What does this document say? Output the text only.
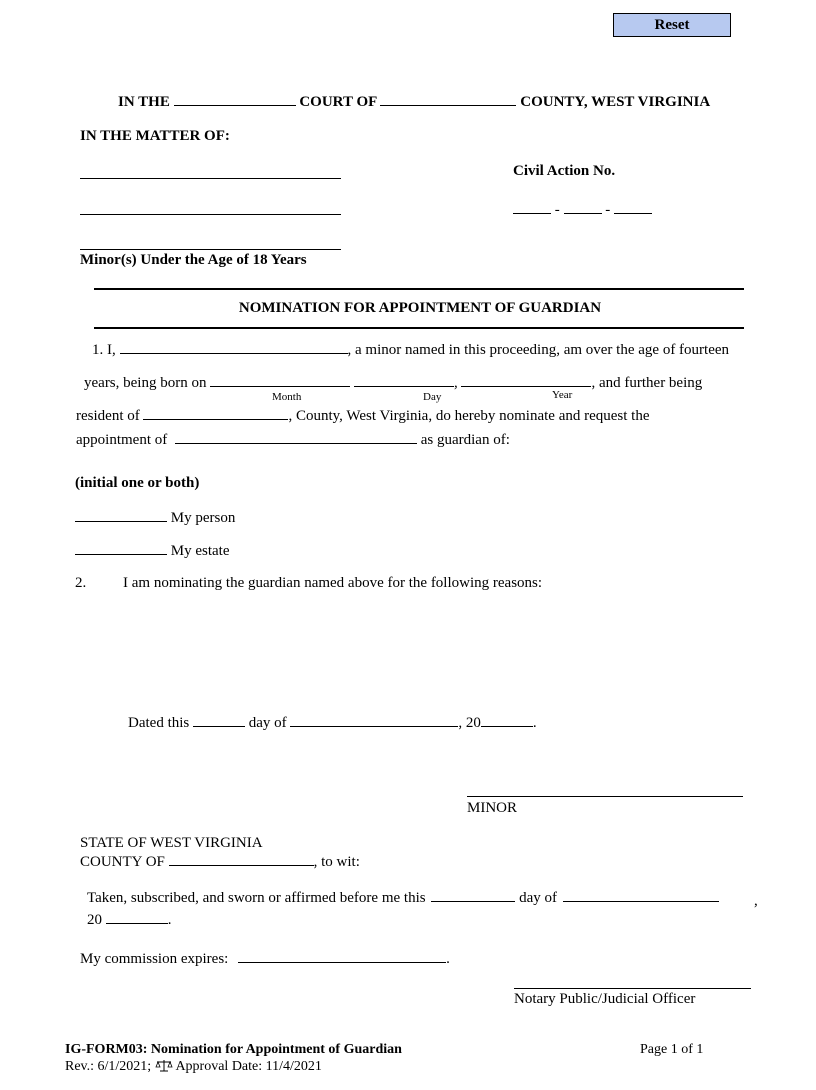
Reset
IN THE	COURT OF	COUNTY, WEST VIRGINIA
IN THE MATTER OF:
Civil Action No.
-	-
Minor(s) Under the Age of 18 Years
NOMINATION FOR APPOINTMENT OF GUARDIAN
1. I,	, a minor named in this proceeding, am over the age of fourteen
years, being born on	,	, and further being
Month	Day	Year
resident of	, County, West Virginia, do hereby nominate and request the
appointment of	as guardian of:
(initial one or both)
My person
My estate
2. I am nominating the guardian named above for the following reasons:
Dated this	day of	, 20	.
MINOR
STATE OF WEST VIRGINIA
COUNTY OF	, to wit:
Taken, subscribed, and sworn or affirmed before me this	day of	,
20	.
My commission expires:	.
Notary Public/Judicial Officer
IG-FORM03: Nomination for Appointment of Guardian	Page 1 of 1
Rev.: 6/1/2021; Approval Date: 11/4/2021
